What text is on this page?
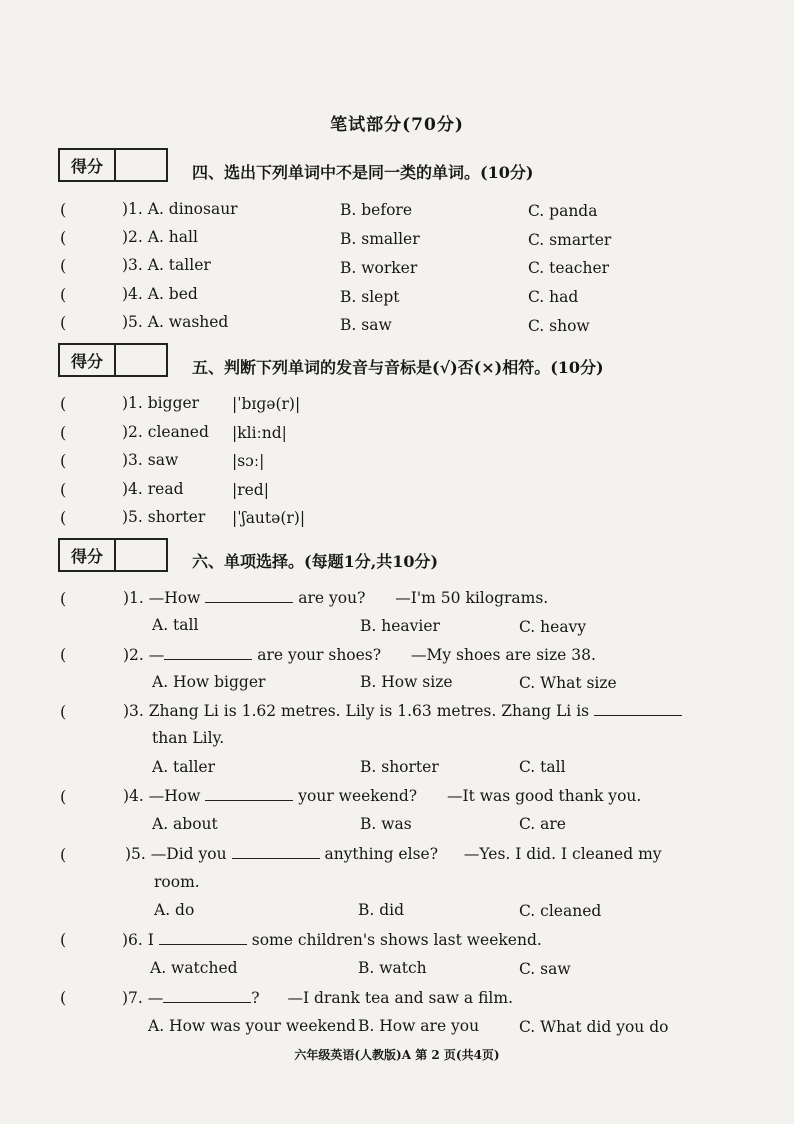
笔试部分(70分)
得分	四、选出下列单词中不是同一类的单词。(10分)
(	)1. A. dinosaur	B. before	C. panda
(	)2. A. hall	B. smaller	C. smarter
(	)3. A. taller	B. worker	C. teacher
(	)4. A. bed	B. slept	C. had
(	)5. A. washed	B. saw	C. show
得分	五、判断下列单词的发音与音标是(√)否(×)相符。(10分)
(	)1. bigger |ˈbɪɡə(r)|
(	)2. cleaned |kliːnd|
(	)3. saw	|sɔː|
(	)4. read	|red|
(	)5. shorter |ˈʃautə(r)|
得分	六、单项选择。(每题1分,共10分)
(	)1. —How	are you? —I'm 50 kilograms.
A. tall	B. heavier	C. heavy
(	)2. —	are your shoes? —My shoes are size 38.
A. How bigger	B. How size	C. What size
(	)3. Zhang Li is 1.62 metres. Lily is 1.63 metres. Zhang Li is
than Lily.
A. taller	B. shorter	C. tall
(	)4. —How	your weekend? —It was good thank you.
A. about	B. was	C. are
(	)5. —Did you	anything else? —Yes. I did. I cleaned my
room.
A. do	B. did	C. cleaned
(	)6. I	some children's shows last weekend.
A. watched	B. watch	C. saw
(	)7. —	? —I drank tea and saw a film.
A. How was your weekend B. How are you	C. What did you do
六年级英语(人教版)A 第 2 页(共4页)
